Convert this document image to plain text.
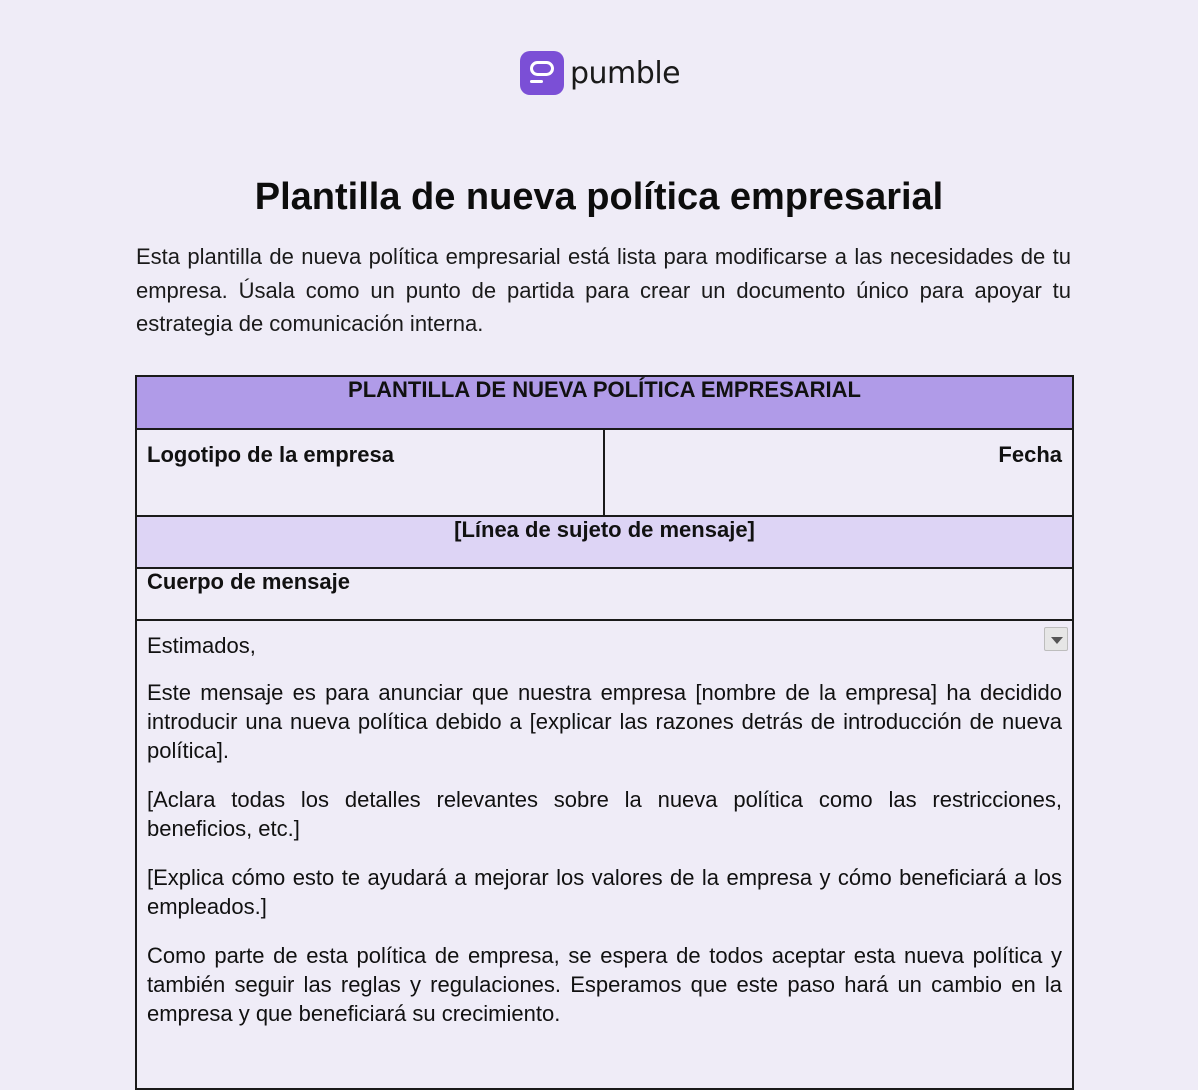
pumble
Plantilla de nueva política empresarial

Esta plantilla de nueva política empresarial está lista para modificarse a las necesidades de tu empresa. Úsala como un punto de partida para crear un documento único para apoyar tu estrategia de comunicación interna.

PLANTILLA DE NUEVA POLÍTICA EMPRESARIAL
Logotipo de la empresa	Fecha
[Línea de sujeto de mensaje]
Cuerpo de mensaje

Estimados,

Este mensaje es para anunciar que nuestra empresa [nombre de la empresa] ha decidido introducir una nueva política debido a [explicar las razones detrás de introducción de nueva política].

[Aclara todas los detalles relevantes sobre la nueva política como las restricciones, beneficios, etc.]

[Explica cómo esto te ayudará a mejorar los valores de la empresa y cómo beneficiará a los empleados.]

Como parte de esta política de empresa, se espera de todos aceptar esta nueva política y también seguir las reglas y regulaciones. Esperamos que este paso hará un cambio en la empresa y que beneficiará su crecimiento.
